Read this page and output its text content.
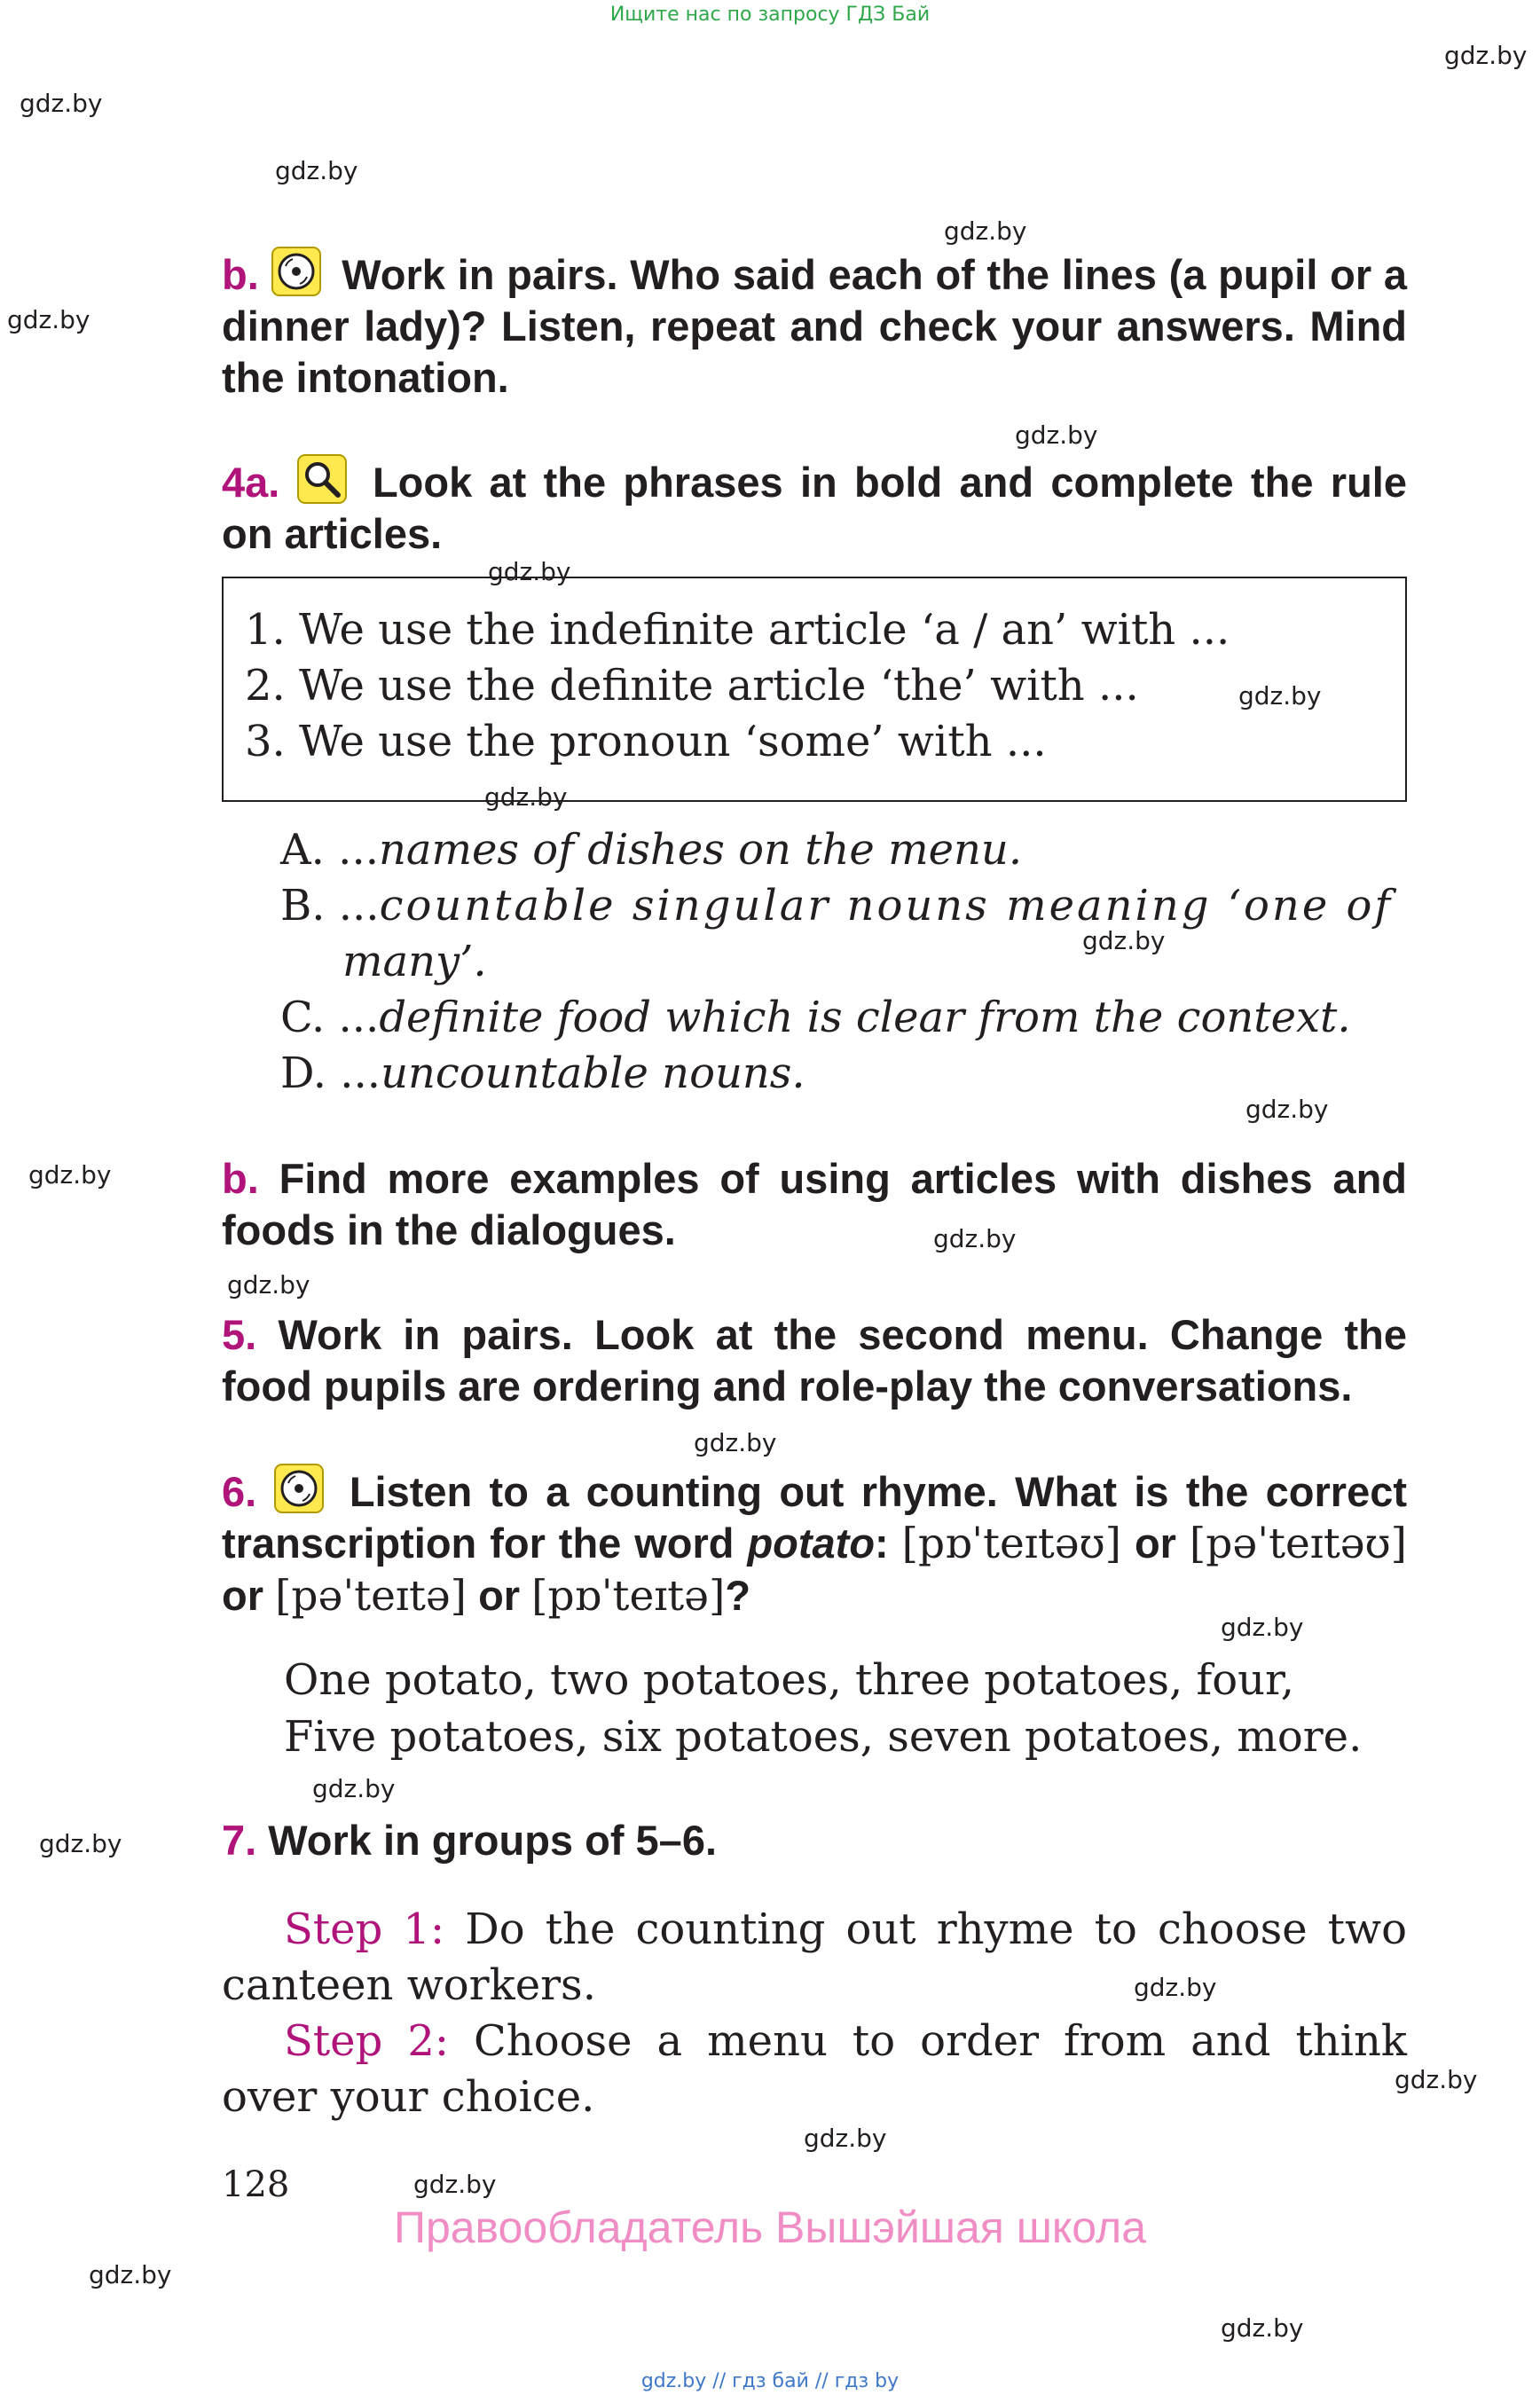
Ищите нас по запросу ГДЗ Бай
gdz.by
gdz.by
gdz.by
gdz.by
gdz.by
gdz.by
gdz.by
gdz.by
gdz.by
gdz.by
gdz.by
gdz.by
gdz.by
gdz.by
gdz.by
gdz.by
gdz.by
gdz.by
gdz.by
gdz.by
gdz.by
gdz.by
gdz.by
gdz.by
b. Work in pairs. Who said each of the lines (a pupil or a dinner lady)? Listen, repeat and check your answers. Mind the intonation.
4a. Look at the phrases in bold and complete the rule on articles.
1. We use the indefinite article ‘a / an’ with ...
2. We use the definite article ‘the’ with ...
3. We use the pronoun ‘some’ with ...
A. ...names of dishes on the menu.
B. ...countable singular nouns meaning ‘one of
many’.
C. ...definite food which is clear from the context.
D. ...uncountable nouns.
b. Find more examples of using articles with dishes and foods in the dialogues.
5. Work in pairs. Look at the second menu. Change the food pupils are ordering and role-play the conversations.
6. Listen to a counting out rhyme. What is the correct transcription for the word potato: [pɒˈteɪtəʊ] or [pəˈteɪtəʊ] or [pəˈteɪtə] or [pɒˈteɪtə]?
One potato, two potatoes, three potatoes, four,
Five potatoes, six potatoes, seven potatoes, more.
7. Work in groups of 5–6.
Step 1: Do the counting out rhyme to choose two canteen workers.
Step 2: Choose a menu to order from and think over your choice.
128
Правообладатель Вышэйшая школа
gdz.by // гдз бай // гдз by
